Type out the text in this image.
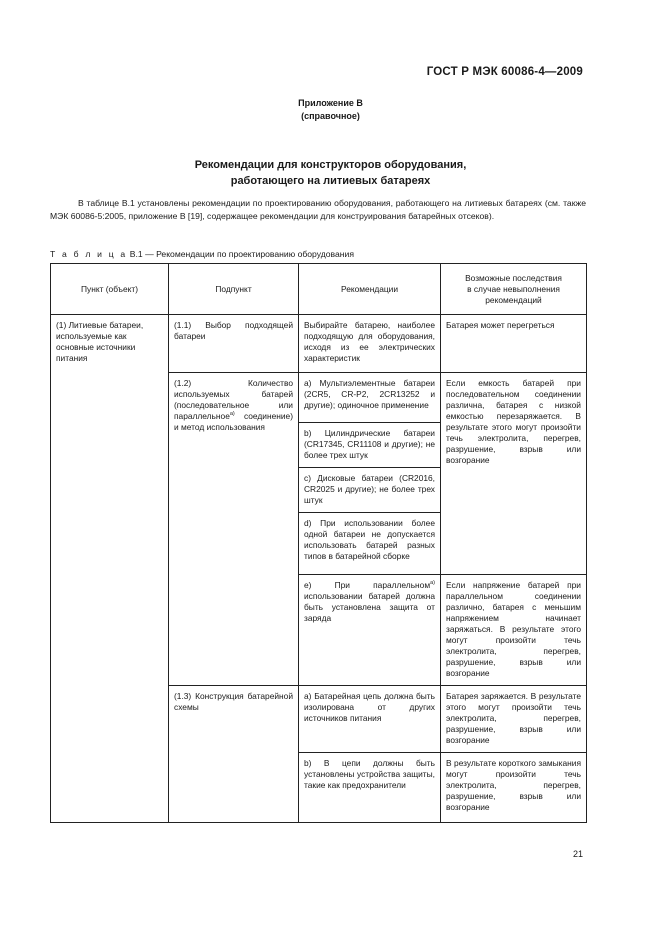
ГОСТ Р МЭК 60086-4—2009
Приложение В
(справочное)
Рекомендации для конструкторов оборудования,
работающего на литиевых батареях
В таблице В.1 установлены рекомендации по проектированию оборудования, работающего на литиевых батареях (см. также МЭК 60086-5:2005, приложение В [19], содержащее рекомендации для конструирования батарейных отсеков).
Т а б л и ц а В.1 — Рекомендации по проектированию оборудования
Пункт (объект)	Подпункт	Рекомендации	Возможные последствия
в случае невыполнения
рекомендаций

(1) Литиевые батареи, используемые как основные источники питания	(1.1) Выбор подходящей батареи	Выбирайте батарею, наиболее подходящую для оборудования, исходя из ее электрических характеристик	Батарея может перегреться
	(1.2) Количество используемых батарей (последовательное или параллельное$^{а)}$ соединение) и метод использования	а) Мультиэлементные батареи (2CR5, CR-P2, 2CR13252 и другие); одиночное применение	Если емкость батарей при последовательном соединении различна, батарея с низкой емкостью перезаряжается. В результате этого могут произойти течь электролита, перегрев, разрушение, взрыв или возгорание
		b) Цилиндрические батареи (CR17345, CR11108 и другие); не более трех штук	
		c) Дисковые батареи (CR2016, CR2025 и другие); не более трех штук	
		d) При использовании более одной батареи не допускается использовать батарей разных типов в батарейной сборке	
		e) При параллельном$^{а)}$ использовании батарей должна быть установлена защита от заряда	Если напряжение батарей при параллельном соединении различно, батарея с меньшим напряжением начинает заряжаться. В результате этого могут произойти течь электролита, перегрев, разрушение, взрыв или возгорание
	(1.3) Конструкция батарейной схемы	а) Батарейная цепь должна быть изолирована от других источников питания	Батарея заряжается. В результате этого могут произойти течь электролита, перегрев, разрушение, взрыв или возгорание
		b) В цепи должны быть установлены устройства защиты, такие как предохранители	В результате короткого замыкания могут произойти течь электролита, перегрев, разрушение, взрыв или возгорание
21
